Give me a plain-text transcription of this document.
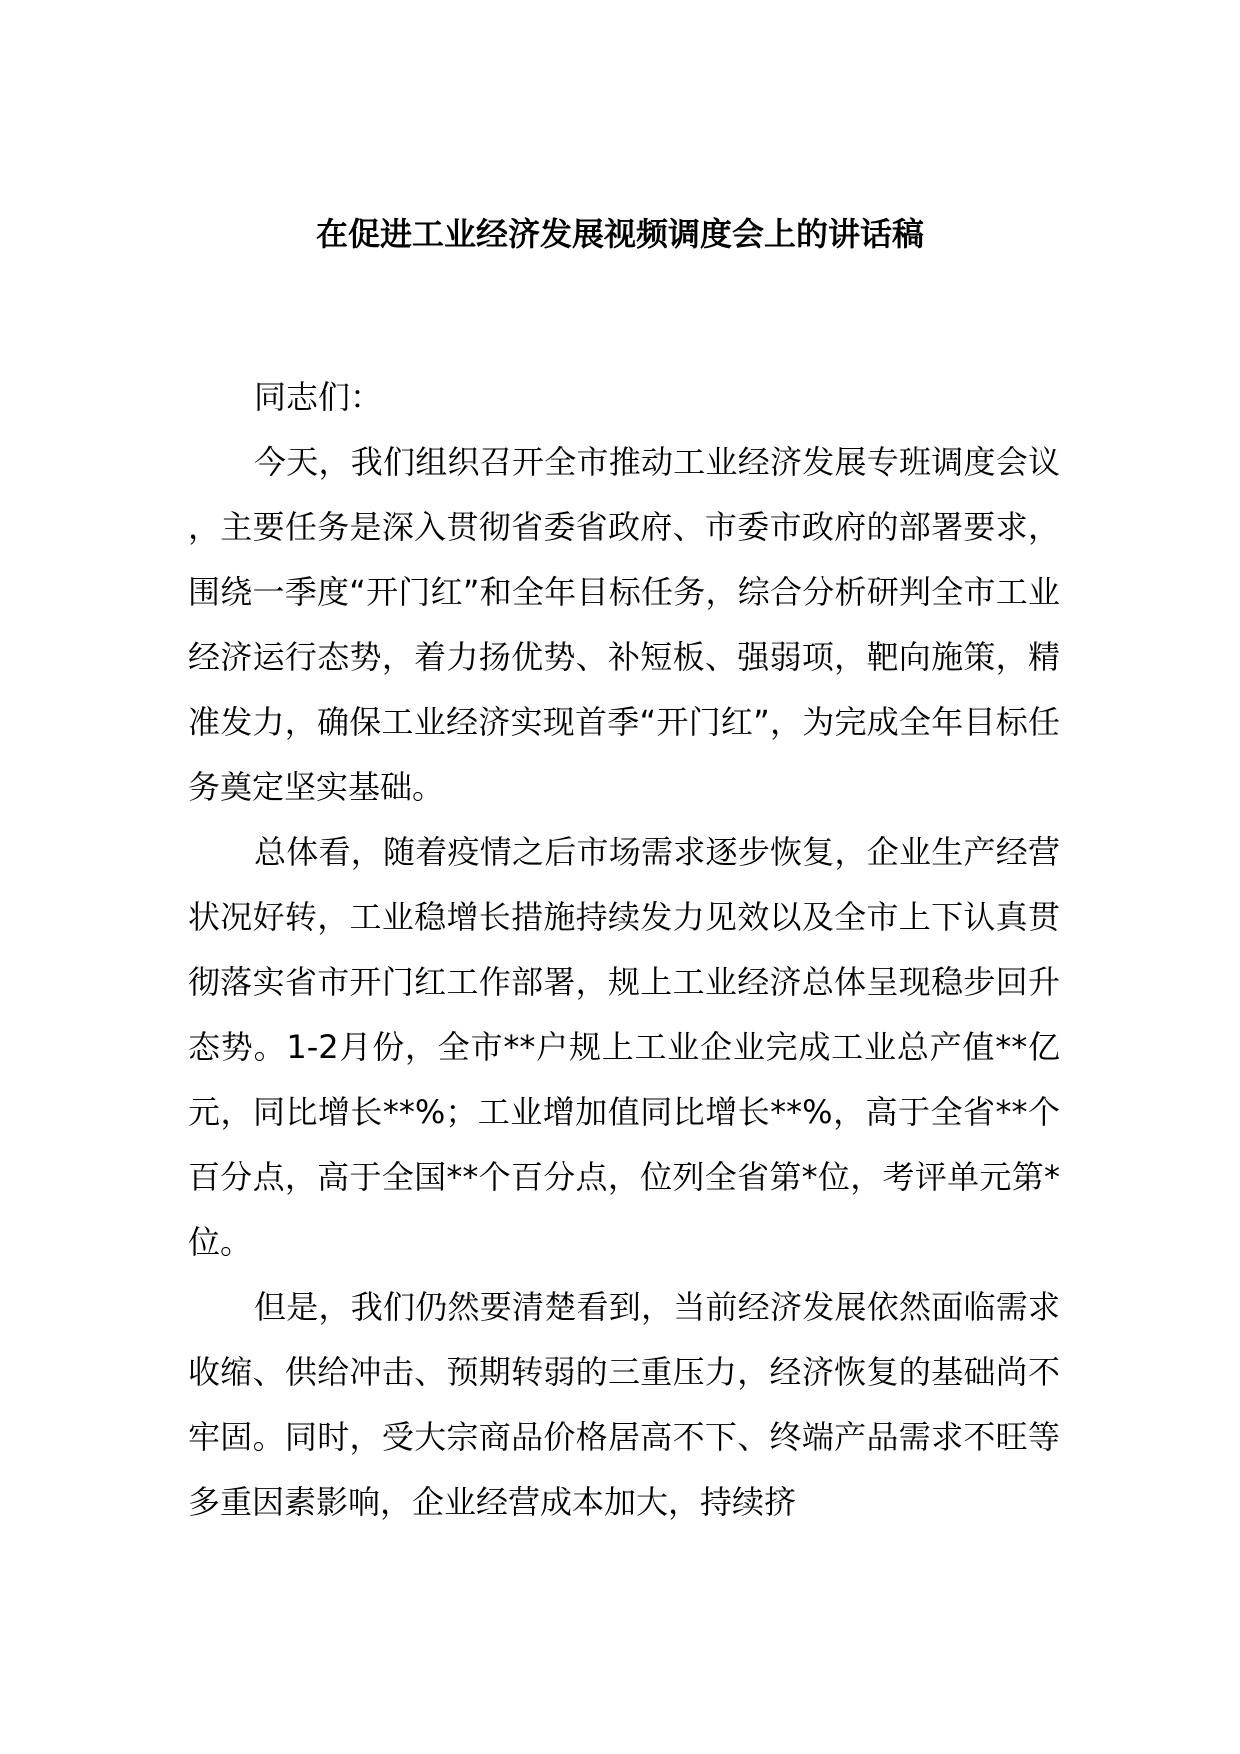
在促进工业经济发展视频调度会上的讲话稿

同志们：

今天，我们组织召开全市推动工业经济发展专班调度会议，主要任务是深入贯彻省委省政府、市委市政府的部署要求，围绕一季度“开门红”和全年目标任务，综合分析研判全市工业经济运行态势，着力扬优势、补短板、强弱项，靶向施策，精准发力，确保工业经济实现首季“开门红”，为完成全年目标任务奠定坚实基础。

总体看，随着疫情之后市场需求逐步恢复，企业生产经营状况好转，工业稳增长措施持续发力见效以及全市上下认真贯彻落实省市开门红工作部署，规上工业经济总体呈现稳步回升态势。1-2月份，全市**户规上工业企业完成工业总产值**亿元，同比增长**%；工业增加值同比增长**%，高于全省**个百分点，高于全国**个百分点，位列全省第*位，考评单元第*位。

但是，我们仍然要清楚看到，当前经济发展依然面临需求收缩、供给冲击、预期转弱的三重压力，经济恢复的基础尚不牢固。同时，受大宗商品价格居高不下、终端产品需求不旺等多重因素影响，企业经营成本加大，持续挤
